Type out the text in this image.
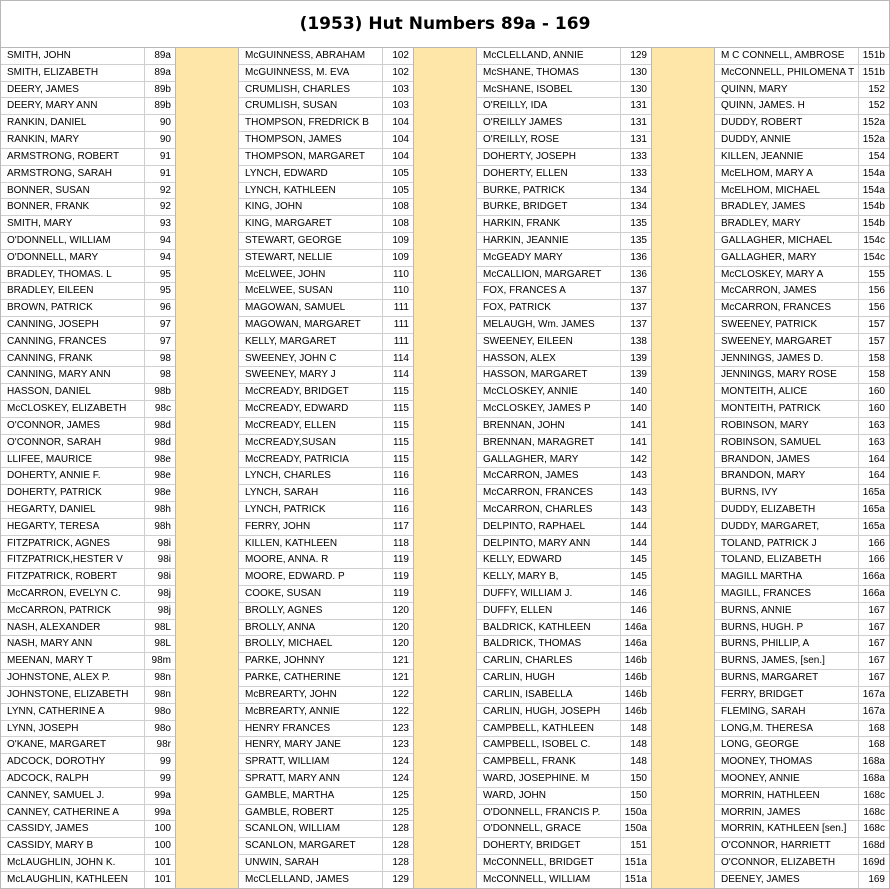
(1953) Hut Numbers 89a - 169
SMITH, JOHN	89a
SMITH, ELIZABETH	89a
DEERY, JAMES	89b
DEERY, MARY ANN	89b
RANKIN, DANIEL	90
RANKIN, MARY	90
ARMSTRONG, ROBERT	91
ARMSTRONG, SARAH	91
BONNER, SUSAN	92
BONNER, FRANK	92
SMITH, MARY	93
O'DONNELL, WILLIAM	94
O'DONNELL, MARY	94
BRADLEY, THOMAS. L	95
BRADLEY, EILEEN	95
BROWN, PATRICK	96
CANNING, JOSEPH	97
CANNING, FRANCES	97
CANNING, FRANK	98
CANNING, MARY ANN	98
HASSON, DANIEL	98b
McCLOSKEY, ELIZABETH	98c
O'CONNOR, JAMES	98d
O'CONNOR, SARAH	98d
LLIFEE, MAURICE	98e
DOHERTY, ANNIE F.	98e
DOHERTY, PATRICK	98e
HEGARTY, DANIEL	98h
HEGARTY, TERESA	98h
FITZPATRICK, AGNES	98i
FITZPATRICK,HESTER V	98i
FITZPATRICK, ROBERT	98i
McCARRON, EVELYN C.	98j
McCARRON, PATRICK	98j
NASH, ALEXANDER	98L
NASH, MARY ANN	98L
MEENAN, MARY T	98m
JOHNSTONE, ALEX P.	98n
JOHNSTONE, ELIZABETH	98n
LYNN, CATHERINE A	98o
LYNN, JOSEPH	98o
O'KANE, MARGARET	98r
ADCOCK, DOROTHY	99
ADCOCK, RALPH	99
CANNEY, SAMUEL J.	99a
CANNEY, CATHERINE A	99a
CASSIDY, JAMES	100
CASSIDY, MARY B	100
McLAUGHLIN, JOHN K.	101
McLAUGHLIN, KATHLEEN	101
McGUINNESS, ABRAHAM	102
McGUINNESS, M. EVA	102
CRUMLISH, CHARLES	103
CRUMLISH, SUSAN	103
THOMPSON, FREDRICK B	104
THOMPSON, JAMES	104
THOMPSON, MARGARET	104
LYNCH, EDWARD	105
LYNCH, KATHLEEN	105
KING, JOHN	108
KING, MARGARET	108
STEWART, GEORGE	109
STEWART, NELLIE	109
McELWEE, JOHN	110
McELWEE, SUSAN	110
MAGOWAN, SAMUEL	111
MAGOWAN, MARGARET	111
KELLY, MARGARET	111
SWEENEY, JOHN C	114
SWEENEY, MARY J	114
McCREADY, BRIDGET	115
McCREADY, EDWARD	115
McCREADY, ELLEN	115
McCREADY,SUSAN	115
McCREADY, PATRICIA	115
LYNCH, CHARLES	116
LYNCH, SARAH	116
LYNCH, PATRICK	116
FERRY, JOHN	117
KILLEN, KATHLEEN	118
MOORE, ANNA. R	119
MOORE, EDWARD. P	119
COOKE, SUSAN	119
BROLLY, AGNES	120
BROLLY, ANNA	120
BROLLY, MICHAEL	120
PARKE, JOHNNY	121
PARKE, CATHERINE	121
McBREARTY, JOHN	122
McBREARTY, ANNIE	122
HENRY FRANCES	123
HENRY, MARY JANE	123
SPRATT, WILLIAM	124
SPRATT, MARY ANN	124
GAMBLE, MARTHA	125
GAMBLE, ROBERT	125
SCANLON, WILLIAM	128
SCANLON, MARGARET	128
UNWIN, SARAH	128
McCLELLAND, JAMES	129
McCLELLAND, ANNIE	129
McSHANE, THOMAS	130
McSHANE, ISOBEL	130
O'REILLY, IDA	131
O'REILLY JAMES	131
O'REILLY, ROSE	131
DOHERTY, JOSEPH	133
DOHERTY, ELLEN	133
BURKE, PATRICK	134
BURKE, BRIDGET	134
HARKIN, FRANK	135
HARKIN, JEANNIE	135
McGEADY MARY	136
McCALLION, MARGARET	136
FOX, FRANCES A	137
FOX, PATRICK	137
MELAUGH, Wm. JAMES	137
SWEENEY, EILEEN	138
HASSON, ALEX	139
HASSON, MARGARET	139
McCLOSKEY, ANNIE	140
McCLOSKEY, JAMES P	140
BRENNAN, JOHN	141
BRENNAN, MARAGRET	141
GALLAGHER, MARY	142
McCARRON, JAMES	143
McCARRON, FRANCES	143
McCARRON, CHARLES	143
DELPINTO, RAPHAEL	144
DELPINTO, MARY ANN	144
KELLY, EDWARD	145
KELLY, MARY B,	145
DUFFY, WILLIAM J.	146
DUFFY, ELLEN	146
BALDRICK, KATHLEEN	146a
BALDRICK, THOMAS	146a
CARLIN, CHARLES	146b
CARLIN, HUGH	146b
CARLIN, ISABELLA	146b
CARLIN, HUGH, JOSEPH	146b
CAMPBELL, KATHLEEN	148
CAMPBELL, ISOBEL C.	148
CAMPBELL, FRANK	148
WARD, JOSEPHINE. M	150
WARD, JOHN	150
O'DONNELL, FRANCIS P.	150a
O'DONNELL, GRACE	150a
DOHERTY, BRIDGET	151
McCONNELL, BRIDGET	151a
McCONNELL, WILLIAM	151a
M C CONNELL, AMBROSE	151b
McCONNELL, PHILOMENA T 151b
QUINN, MARY	152
QUINN, JAMES. H	152
DUDDY, ROBERT	152a
DUDDY, ANNIE	152a
KILLEN, JEANNIE	154
McELHOM, MARY A	154a
McELHOM, MICHAEL	154a
BRADLEY, JAMES	154b
BRADLEY, MARY	154b
GALLAGHER, MICHAEL	154c
GALLAGHER, MARY	154c
McCLOSKEY, MARY A	155
McCARRON, JAMES	156
McCARRON, FRANCES	156
SWEENEY, PATRICK	157
SWEENEY, MARGARET	157
JENNINGS, JAMES D.	158
JENNINGS, MARY ROSE	158
MONTEITH, ALICE	160
MONTEITH, PATRICK	160
ROBINSON, MARY	163
ROBINSON, SAMUEL	163
BRANDON, JAMES	164
BRANDON, MARY	164
BURNS, IVY	165a
DUDDY, ELIZABETH	165a
DUDDY, MARGARET,	165a
TOLAND, PATRICK J	166
TOLAND, ELIZABETH	166
MAGILL MARTHA	166a
MAGILL, FRANCES	166a
BURNS, ANNIE	167
BURNS, HUGH. P	167
BURNS, PHILLIP, A	167
BURNS, JAMES, [sen.]	167
BURNS, MARGARET	167
FERRY, BRIDGET	167a
FLEMING, SARAH	167a
LONG,M. THERESA	168
LONG, GEORGE	168
MOONEY, THOMAS	168a
MOONEY, ANNIE	168a
MORRIN, HATHLEEN	168c
MORRIN, JAMES	168c
MORRIN, KATHLEEN [sen.]	168c
O'CONNOR, HARRIETT	168d
O'CONNOR, ELIZABETH	169d
DEENEY, JAMES	169
